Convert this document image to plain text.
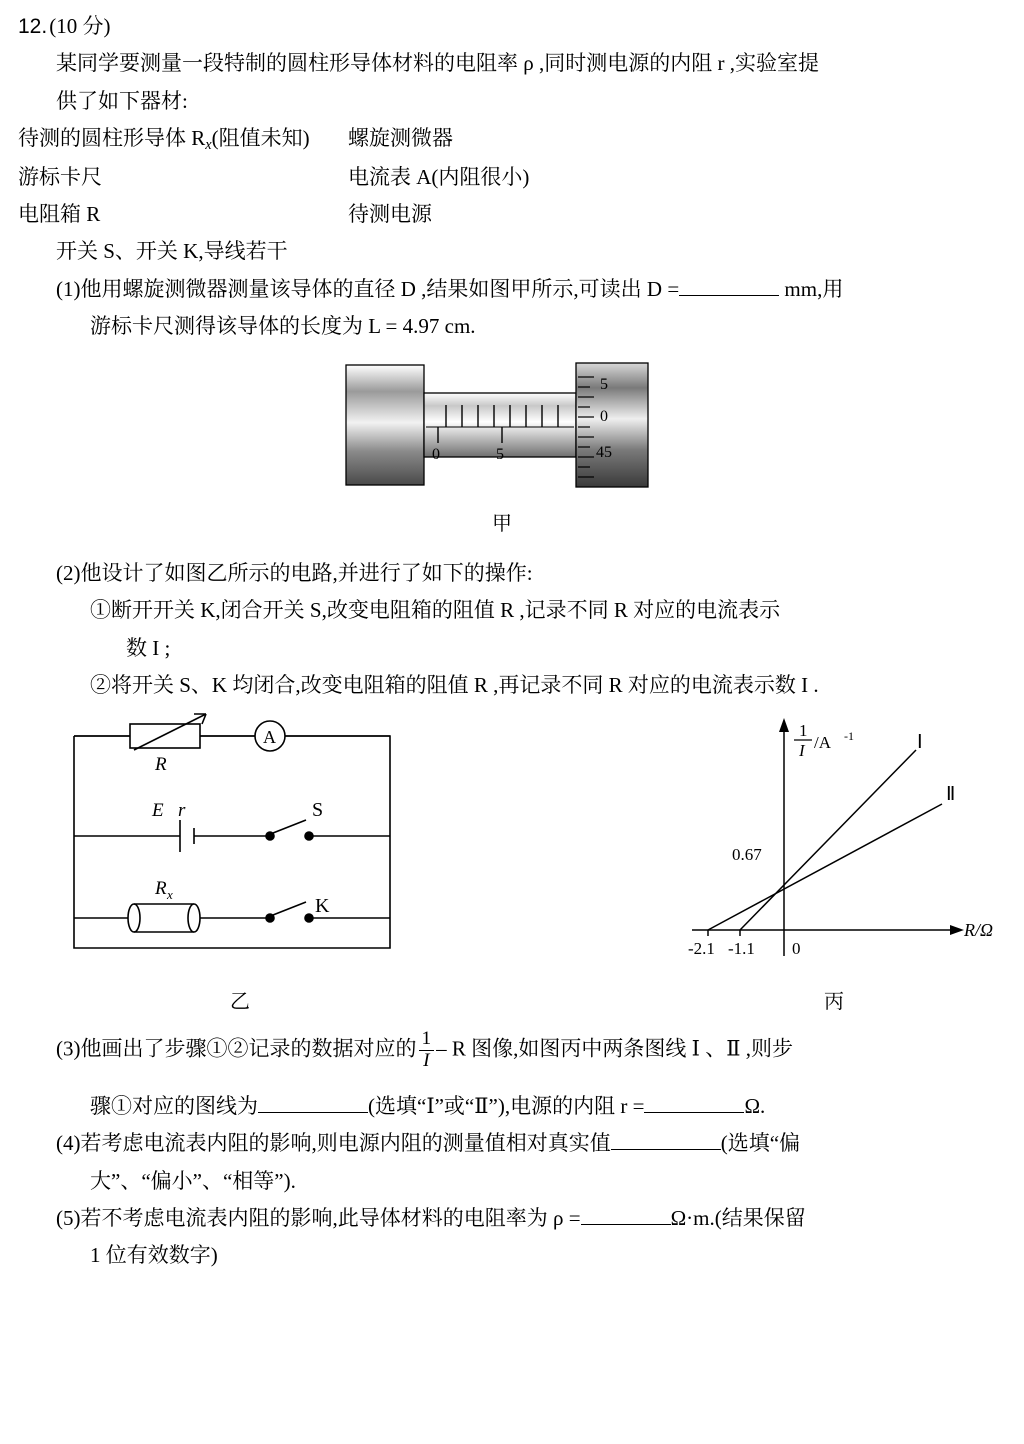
12. (10 分)
某同学要测量一段特制的圆柱形导体材料的电阻率 ρ ,同时测电源的内阻 r ,实验室提
供了如下器材:
待测的圆柱形导体 $R_x$(阻值未知)	螺旋测微器
游标卡尺	电流表 A(内阻很小)
电阻箱 R	待测电源
开关 S、开关 K,导线若干
(1)他用螺旋测微器测量该导体的直径 D ,结果如图甲所示,可读出 D =	mm,用
游标卡尺测得该导体的长度为 L = 4.97 cm.
0	5
5
0
45
甲
(2)他设计了如图乙所示的电路,并进行了如下的操作:
①断开开关 K,闭合开关 S,改变电阻箱的阻值 R ,记录不同 R 对应的电流表示
数 I ;
②将开关 S、K 均闭合,改变电阻箱的阻值 R ,再记录不同 R 对应的电流表示数 I .
R
A
E r	S
K
R x
乙
Ⅰ
Ⅱ
1
I /A -1
R/Ω
0.67
-2.1 -1.1 0
丙
(3)他画出了步骤①②记录的数据对应的 $\frac{1}{I}$ – R 图像,如图丙中两条图线 Ⅰ 、Ⅱ ,则步
骤①对应的图线为	(选填“Ⅰ”或“Ⅱ”),电源的内阻 r =	Ω.
(4)若考虑电流表内阻的影响,则电源内阻的测量值相对真实值	(选填“偏
大”、“偏小”、“相等”).
(5)若不考虑电流表内阻的影响,此导体材料的电阻率为 ρ =	Ω·m.(结果保留
1 位有效数字)
